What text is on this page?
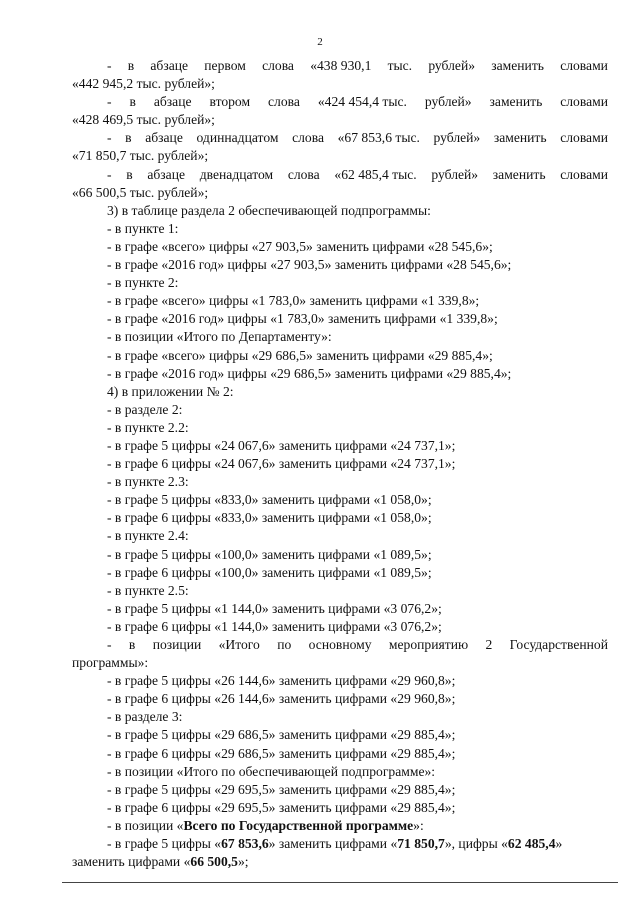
2
- в абзаце первом слова «438 930,1 тыс. рублей» заменить словами
«442 945,2 тыс. рублей»;
- в абзаце втором слова «424 454,4 тыс. рублей» заменить словами
«428 469,5 тыс. рублей»;
- в абзаце одиннадцатом слова «67 853,6 тыс. рублей» заменить словами
«71 850,7 тыс. рублей»;
- в абзаце двенадцатом слова «62 485,4 тыс. рублей» заменить словами
«66 500,5 тыс. рублей»;
3) в таблице раздела 2 обеспечивающей подпрограммы:
- в пункте 1:
- в графе «всего» цифры «27 903,5» заменить цифрами «28 545,6»;
- в графе «2016 год» цифры «27 903,5» заменить цифрами «28 545,6»;
- в пункте 2:
- в графе «всего» цифры «1 783,0» заменить цифрами «1 339,8»;
- в графе «2016 год» цифры «1 783,0» заменить цифрами «1 339,8»;
- в позиции «Итого по Департаменту»:
- в графе «всего» цифры «29 686,5» заменить цифрами «29 885,4»;
- в графе «2016 год» цифры «29 686,5» заменить цифрами «29 885,4»;
4) в приложении № 2:
- в разделе 2:
- в пункте 2.2:
- в графе 5 цифры «24 067,6» заменить цифрами «24 737,1»;
- в графе 6 цифры «24 067,6» заменить цифрами «24 737,1»;
- в пункте 2.3:
- в графе 5 цифры «833,0» заменить цифрами «1 058,0»;
- в графе 6 цифры «833,0» заменить цифрами «1 058,0»;
- в пункте 2.4:
- в графе 5 цифры «100,0» заменить цифрами «1 089,5»;
- в графе 6 цифры «100,0» заменить цифрами «1 089,5»;
- в пункте 2.5:
- в графе 5 цифры «1 144,0» заменить цифрами «3 076,2»;
- в графе 6 цифры «1 144,0» заменить цифрами «3 076,2»;
- в позиции «Итого по основному мероприятию 2 Государственной
программы»:
- в графе 5 цифры «26 144,6» заменить цифрами «29 960,8»;
- в графе 6 цифры «26 144,6» заменить цифрами «29 960,8»;
- в разделе 3:
- в графе 5 цифры «29 686,5» заменить цифрами «29 885,4»;
- в графе 6 цифры «29 686,5» заменить цифрами «29 885,4»;
- в позиции «Итого по обеспечивающей подпрограмме»:
- в графе 5 цифры «29 695,5» заменить цифрами «29 885,4»;
- в графе 6 цифры «29 695,5» заменить цифрами «29 885,4»;
- в позиции «Всего по Государственной программе»:
- в графе 5 цифры «67 853,6» заменить цифрами «71 850,7», цифры «62 485,4»
заменить цифрами «66 500,5»;
